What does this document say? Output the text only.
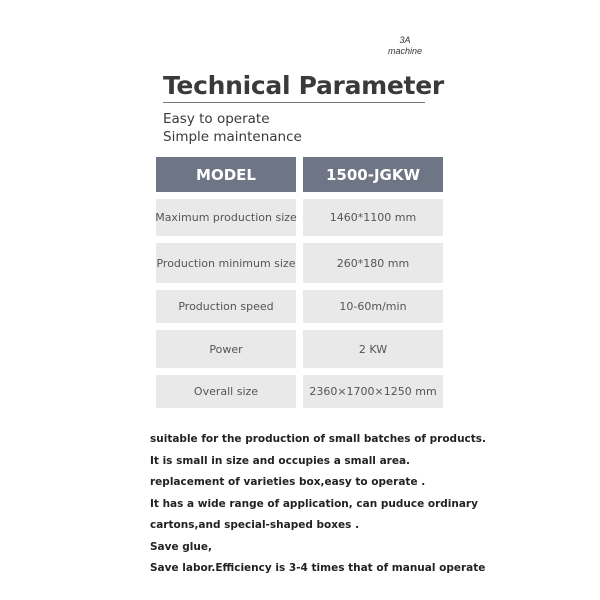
3A
machine
Technical Parameter
Easy to operate
Simple maintenance
MODEL	1500-JGKW
Maximum production size	1460*1100 mm
Production minimum size	260*180 mm
Production speed	10-60m/min
Power	2 KW
Overall size	2360×1700×1250 mm
suitable for the production of small batches of products.
It is small in size and occupies a small area.
replacement of varieties box,easy to operate .
It has a wide range of application, can puduce ordinary
cartons,and special-shaped boxes .
Save glue,
Save labor.Efficiency is 3-4 times that of manual operate
